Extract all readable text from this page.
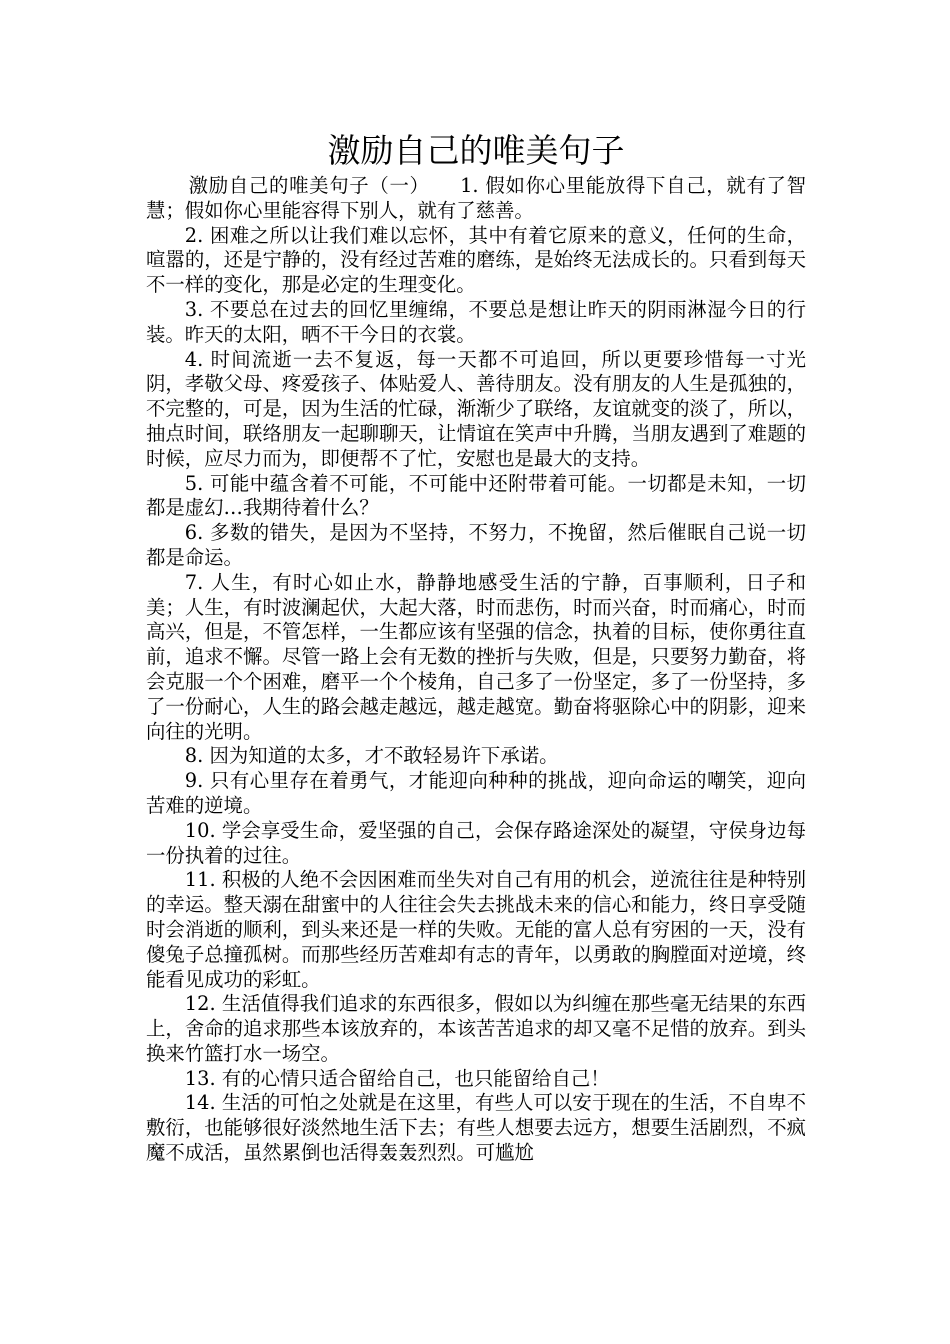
激励自己的唯美句子

激励自己的唯美句子（一）　　1. 假如你心里能放得下自己，就有了智慧；假如你心里能容得下别人，就有了慈善。

2. 困难之所以让我们难以忘怀，其中有着它原来的意义，任何的生命，喧嚣的，还是宁静的，没有经过苦难的磨练，是始终无法成长的。只看到每天不一样的变化，那是必定的生理变化。

3. 不要总在过去的回忆里缠绵，不要总是想让昨天的阴雨淋湿今日的行装。昨天的太阳，晒不干今日的衣裳。

4. 时间流逝一去不复返，每一天都不可追回，所以更要珍惜每一寸光阴，孝敬父母、疼爱孩子、体贴爱人、善待朋友。没有朋友的人生是孤独的，不完整的，可是，因为生活的忙碌，渐渐少了联络，友谊就变的淡了，所以，抽点时间，联络朋友一起聊聊天，让情谊在笑声中升腾，当朋友遇到了难题的时候，应尽力而为，即便帮不了忙，安慰也是最大的支持。

5. 可能中蕴含着不可能，不可能中还附带着可能。一切都是未知，一切都是虚幻…我期待着什么？

6. 多数的错失，是因为不坚持，不努力，不挽留，然后催眠自己说一切都是命运。

7. 人生，有时心如止水，静静地感受生活的宁静，百事顺利，日子和美；人生，有时波澜起伏，大起大落，时而悲伤，时而兴奋，时而痛心，时而高兴，但是，不管怎样，一生都应该有坚强的信念，执着的目标，使你勇往直前，追求不懈。尽管一路上会有无数的挫折与失败，但是，只要努力勤奋，将会克服一个个困难，磨平一个个棱角，自己多了一份坚定，多了一份坚持，多了一份耐心，人生的路会越走越远，越走越宽。勤奋将驱除心中的阴影，迎来向往的光明。

8. 因为知道的太多，才不敢轻易许下承诺。

9. 只有心里存在着勇气，才能迎向种种的挑战，迎向命运的嘲笑，迎向苦难的逆境。

10. 学会享受生命，爱坚强的自己，会保存路途深处的凝望，守侯身边每一份执着的过往。

11. 积极的人绝不会因困难而坐失对自己有用的机会，逆流往往是种特别的幸运。整天溺在甜蜜中的人往往会失去挑战未来的信心和能力，终日享受随时会消逝的顺利，到头来还是一样的失败。无能的富人总有穷困的一天，没有傻兔子总撞孤树。而那些经历苦难却有志的青年，以勇敢的胸膛面对逆境，终能看见成功的彩虹。

12. 生活值得我们追求的东西很多，假如以为纠缠在那些毫无结果的东西上，舍命的追求那些本该放弃的，本该苦苦追求的却又毫不足惜的放弃。到头换来竹篮打水一场空。

13. 有的心情只适合留给自己，也只能留给自己！

14. 生活的可怕之处就是在这里，有些人可以安于现在的生活，不自卑不敷衍，也能够很好淡然地生活下去；有些人想要去远方，想要生活剧烈，不疯魔不成活，虽然累倒也活得轰轰烈烈。可尴尬
